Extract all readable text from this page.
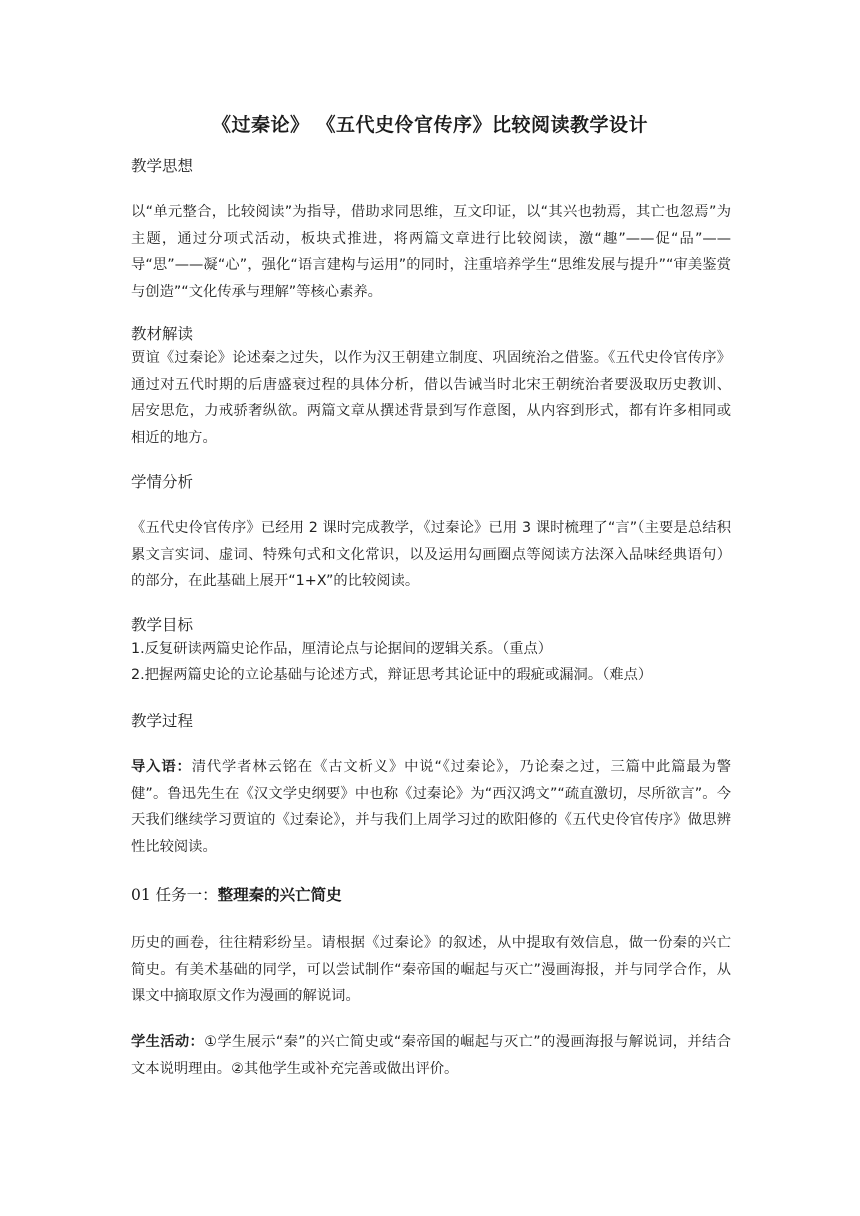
《过秦论》 《五代史伶官传序》比较阅读教学设计
教学思想
以“单元整合，比较阅读”为指导，借助求同思维，互文印证，以“其兴也勃焉，其亡也忽焉”为主题，通过分项式活动，板块式推进，将两篇文章进行比较阅读，激“趣”——促“品”——导“思”——凝“心”，强化“语言建构与运用”的同时，注重培养学生“思维发展与提升”“审美鉴赏与创造”“文化传承与理解”等核心素养。
教材解读
贾谊《过秦论》论述秦之过失，以作为汉王朝建立制度、巩固统治之借鉴。《五代史伶官传序》通过对五代时期的后唐盛衰过程的具体分析，借以告诫当时北宋王朝统治者要汲取历史教训、居安思危，力戒骄奢纵欲。两篇文章从撰述背景到写作意图，从内容到形式，都有许多相同或相近的地方。
学情分析
《五代史伶官传序》已经用 2 课时完成教学，《过秦论》已用 3 课时梳理了“言”（主要是总结积累文言实词、虚词、特殊句式和文化常识，以及运用勾画圈点等阅读方法深入品味经典语句）的部分，在此基础上展开“1+X”的比较阅读。
教学目标
1.反复研读两篇史论作品，厘清论点与论据间的逻辑关系。（重点）
2.把握两篇史论的立论基础与论述方式，辩证思考其论证中的瑕疵或漏洞。（难点）
教学过程
导入语：清代学者林云铭在《古文析义》中说“《过秦论》，乃论秦之过，三篇中此篇最为警健”。鲁迅先生在《汉文学史纲要》中也称《过秦论》为“西汉鸿文”“疏直激切，尽所欲言”。今天我们继续学习贾谊的《过秦论》，并与我们上周学习过的欧阳修的《五代史伶官传序》做思辨性比较阅读。
01 任务一：整理秦的兴亡简史
历史的画卷，往往精彩纷呈。请根据《过秦论》的叙述，从中提取有效信息，做一份秦的兴亡简史。有美术基础的同学，可以尝试制作“秦帝国的崛起与灭亡”漫画海报，并与同学合作，从课文中摘取原文作为漫画的解说词。
学生活动：①学生展示“秦”的兴亡简史或“秦帝国的崛起与灭亡”的漫画海报与解说词，并结合文本说明理由。②其他学生或补充完善或做出评价。
